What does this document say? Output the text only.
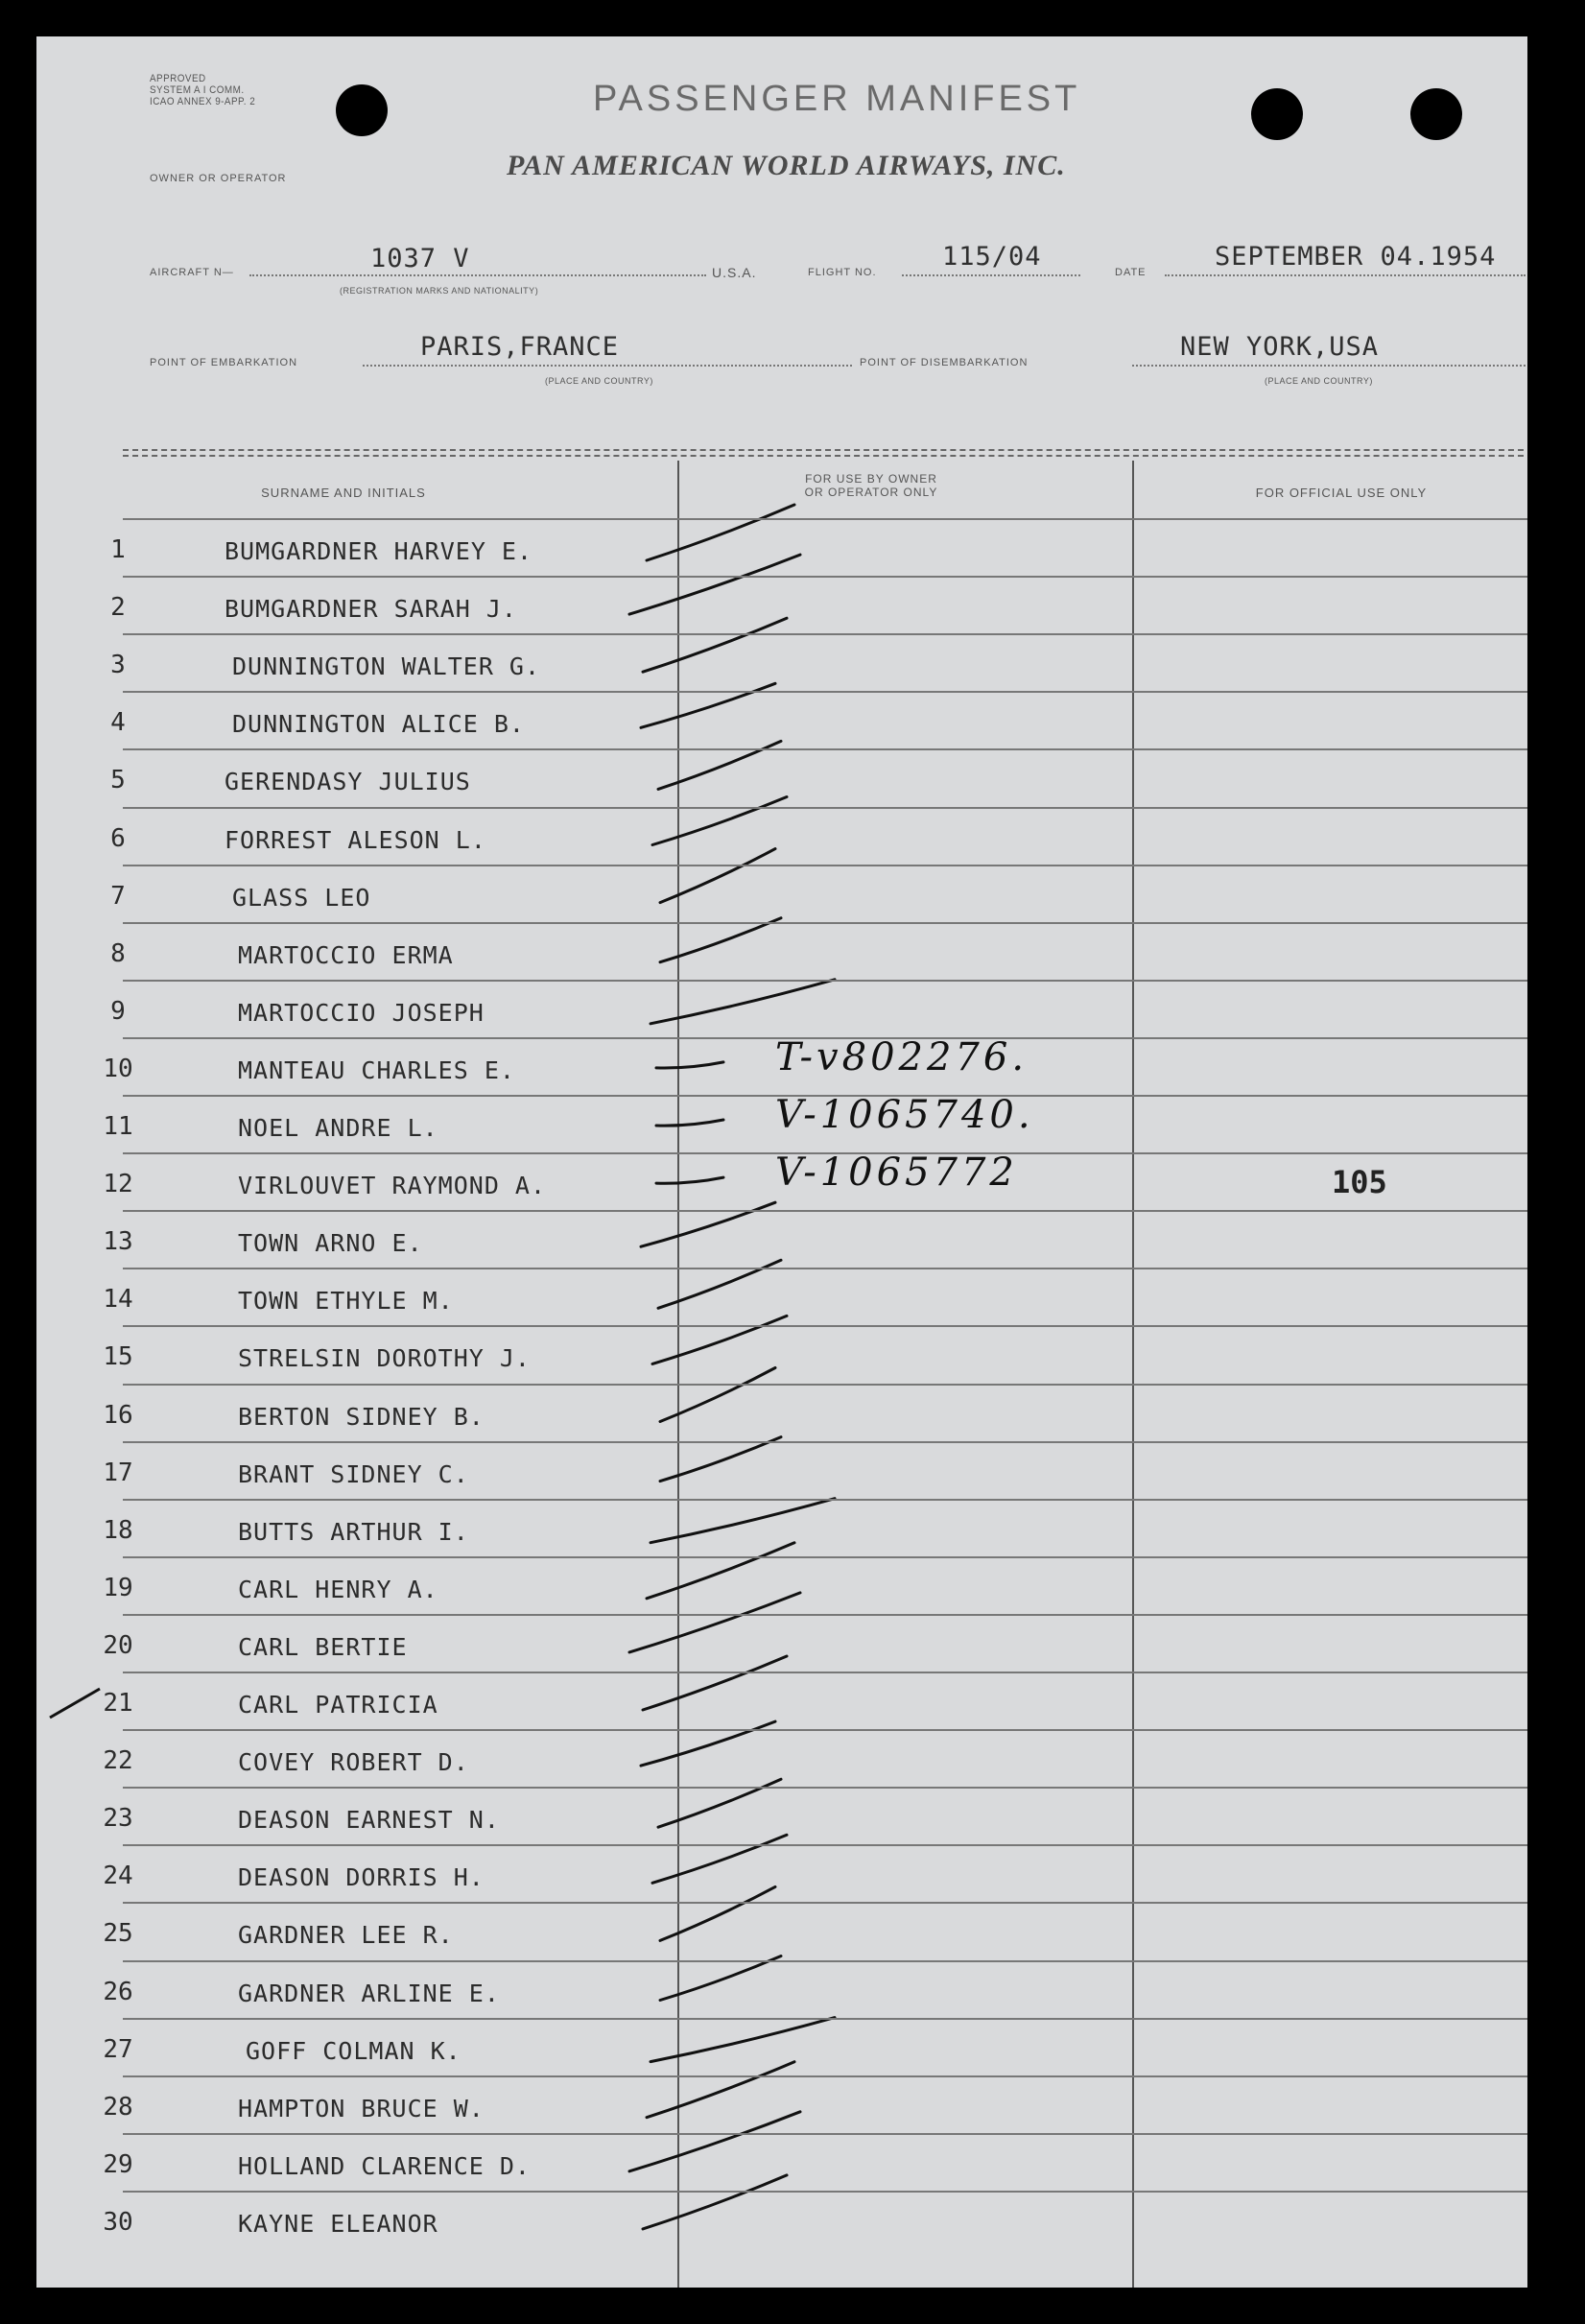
APPROVED
SYSTEM A I COMM.
ICAO ANNEX 9-APP. 2	PASSENGER MANIFEST
OWNER OR OPERATOR	PAN AMERICAN WORLD AIRWAYS, INC.
AIRCRAFT N—	1037 V
(REGISTRATION MARKS AND NATIONALITY)
U.S.A.	FLIGHT NO.
115/04
DATE
SEPTEMBER 04.1954
POINT OF EMBARKATION
PARIS,FRANCE
(PLACE AND COUNTRY)
POINT OF DISEMBARKATION
NEW YORK,USA
(PLACE AND COUNTRY)
SURNAME AND INITIALS
FOR USE BY OWNER
OR OPERATOR ONLY	FOR OFFICIAL USE ONLY
1	BUMGARDNER HARVEY E.
2	BUMGARDNER SARAH J.
3	DUNNINGTON WALTER G.
4	DUNNINGTON ALICE B.
5	GERENDASY JULIUS
6	FORREST ALESON L.
7	GLASS LEO
8	MARTOCCIO ERMA
9	MARTOCCIO JOSEPH
10	MANTEAU CHARLES E.	T-v802276.
11	NOEL ANDRE L.	V-1065740.
12	VIRLOUVET RAYMOND A.	V-1065772	105
13	TOWN ARNO E.
14	TOWN ETHYLE M.
15	STRELSIN DOROTHY J.
16	BERTON SIDNEY B.
17	BRANT SIDNEY C.
18	BUTTS ARTHUR I.
19	CARL HENRY A.
20	CARL BERTIE
21	CARL PATRICIA
22	COVEY ROBERT D.
23	DEASON EARNEST N.
24	DEASON DORRIS H.
25	GARDNER LEE R.
26	GARDNER ARLINE E.
27	GOFF COLMAN K.
28	HAMPTON BRUCE W.
29	HOLLAND CLARENCE D.
30	KAYNE ELEANOR
